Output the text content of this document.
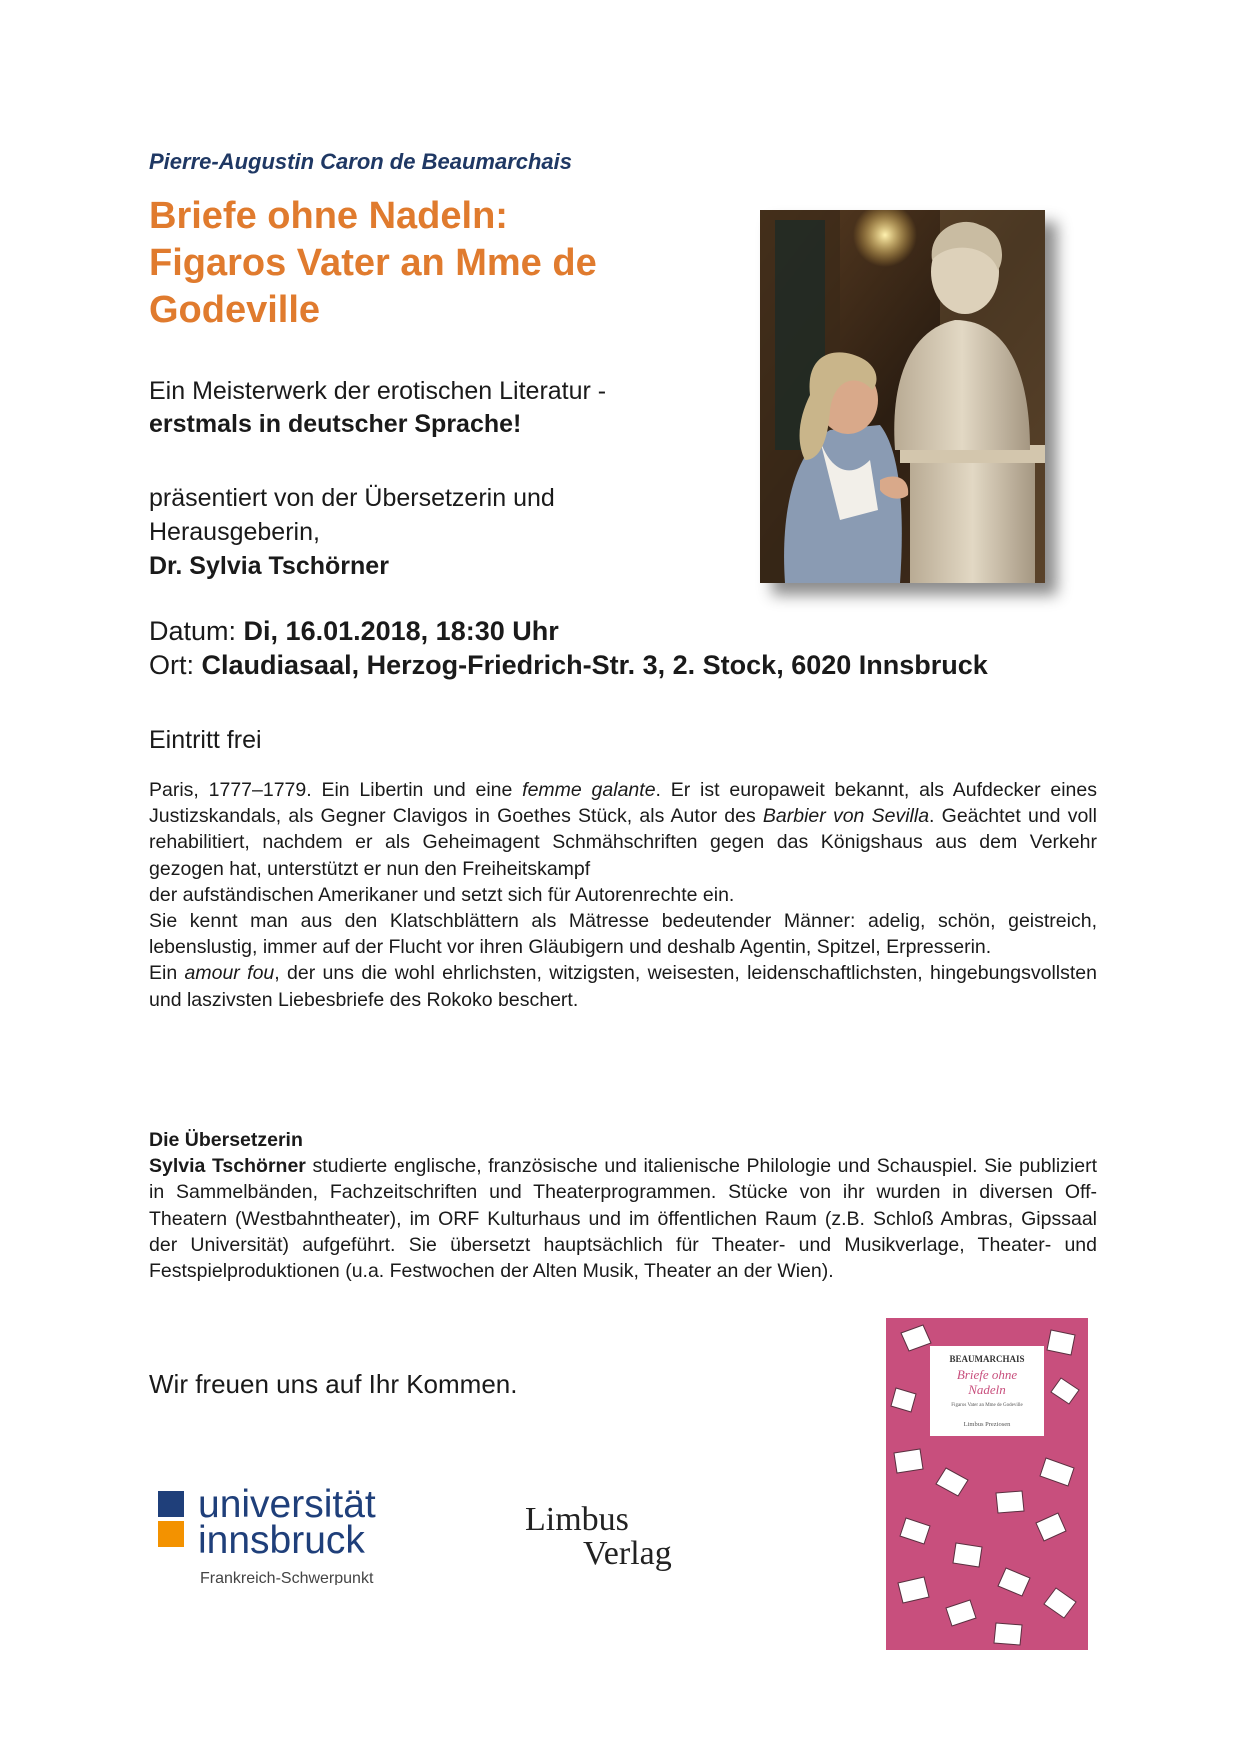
Pierre-Augustin Caron de Beaumarchais
Briefe ohne Nadeln:
Figaros Vater an Mme de
Godeville
Ein Meisterwerk der erotischen Literatur -
erstmals in deutscher Sprache!
präsentiert von der Übersetzerin und
Herausgeberin,
Dr. Sylvia Tschörner
Datum: Di, 16.01.2018, 18:30 Uhr
Ort: Claudiasaal, Herzog-Friedrich-Str. 3, 2. Stock, 6020 Innsbruck
Eintritt frei
Paris, 1777–1779. Ein Libertin und eine femme galante. Er ist europaweit bekannt, als Aufdecker eines Justizskandals, als Gegner Clavigos in Goethes Stück, als Autor des Barbier von Sevilla. Geächtet und voll rehabilitiert, nachdem er als Geheimagent Schmähschriften gegen das Königshaus aus dem Verkehr gezogen hat, unterstützt er nun den Freiheitskampf
der aufständischen Amerikaner und setzt sich für Autorenrechte ein.
Sie kennt man aus den Klatschblättern als Mätresse bedeutender Männer: adelig, schön, geistreich, lebenslustig, immer auf der Flucht vor ihren Gläubigern und deshalb Agentin, Spitzel, Erpresserin.
Ein amour fou, der uns die wohl ehrlichsten, witzigsten, weisesten, leidenschaftlichsten, hingebungsvollsten und laszivsten Liebesbriefe des Rokoko beschert.
Die Übersetzerin
Sylvia Tschörner studierte englische, französische und italienische Philologie und Schauspiel. Sie publiziert in Sammelbänden, Fachzeitschriften und Theaterprogrammen. Stücke von ihr wurden in diversen Off-Theatern (Westbahntheater), im ORF Kulturhaus und im öffentlichen Raum (z.B. Schloß Ambras, Gipssaal der Universität) aufgeführt. Sie übersetzt hauptsächlich für Theater- und Musikverlage, Theater- und Festspielproduktionen (u.a. Festwochen der Alten Musik, Theater an der Wien).
Wir freuen uns auf Ihr Kommen.
BEAUMARCHAIS
Briefe ohne
Nadeln
Figaros Vater an Mme de Godeville
Limbus Preziosen
universität
innsbruck
Frankreich-Schwerpunkt
Limbus
Verlag
